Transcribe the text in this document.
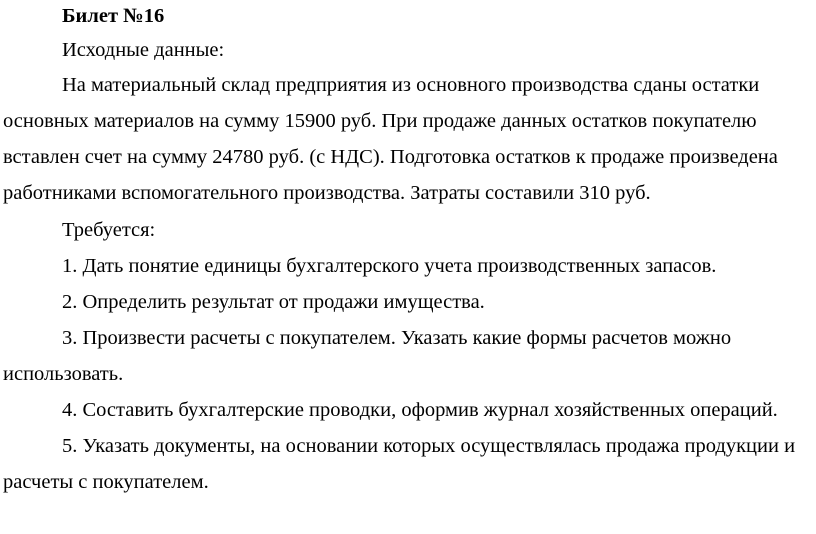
Билет №16
Исходные данные:
На материальный склад предприятия из основного производства сданы остатки
основных материалов на сумму 15900 руб. При продаже данных остатков покупателю
вставлен счет на сумму 24780 руб. (с НДС). Подготовка остатков к продаже произведена
работниками вспомогательного производства. Затраты составили 310 руб.
Требуется:
1. Дать понятие единицы бухгалтерского учета производственных запасов.
2. Определить результат от продажи имущества.
3. Произвести расчеты с покупателем. Указать какие формы расчетов можно
использовать.
4. Составить бухгалтерские проводки, оформив журнал хозяйственных операций.
5. Указать документы, на основании которых осуществлялась продажа продукции и
расчеты с покупателем.
